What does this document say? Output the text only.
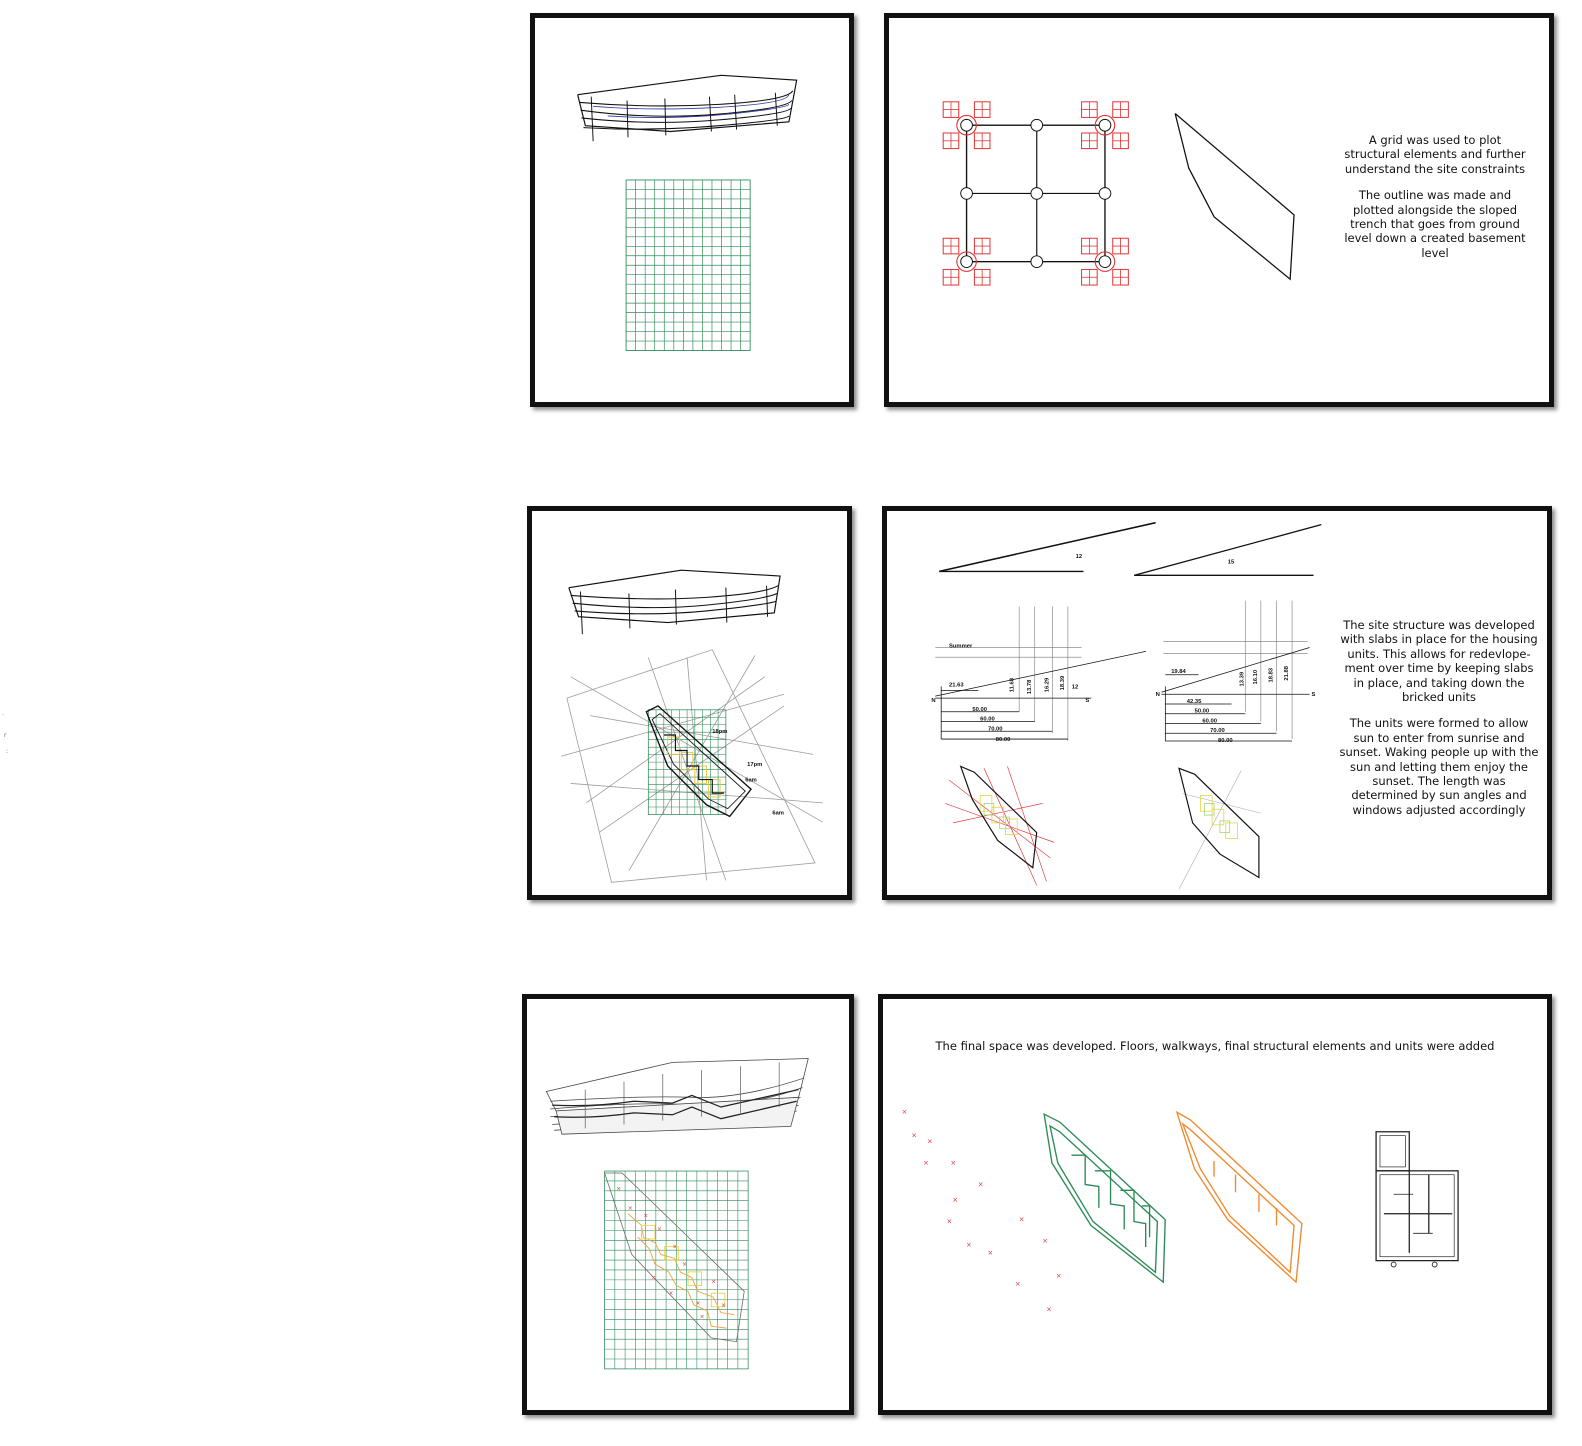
·
r
:

A grid was used to plot structural elements and further understand the site constraints

The outline was made and plotted alongside the sloped trench that goes from ground level down a created basement level

18pm
17pm
6am
6am
12
15
Summer
N	S
21.63	11.68 13.78 16.29 18.39 12
50.00
60.00
70.00
80.00
N	S
19.84
13.39 16.10 18.83 21.88
42.35
50.00
60.00
70.00
80.00

The site structure was developed with slabs in place for the housing units. This allows for redevlope-ment over time by keeping slabs in place, and taking down the bricked units

The units were formed to allow sun to enter from sunrise and sunset. Waking people up with the sun and letting them enjoy the sunset. The length was determined by sun angles and windows adjusted accordingly

×
×
×
×
×
×
×
×
×
×
×
×
The final space was developed. Floors, walkways, final structural elements and units were added
×
×
×
×	×
×
×
×	×
×
×
×
×
×
×
